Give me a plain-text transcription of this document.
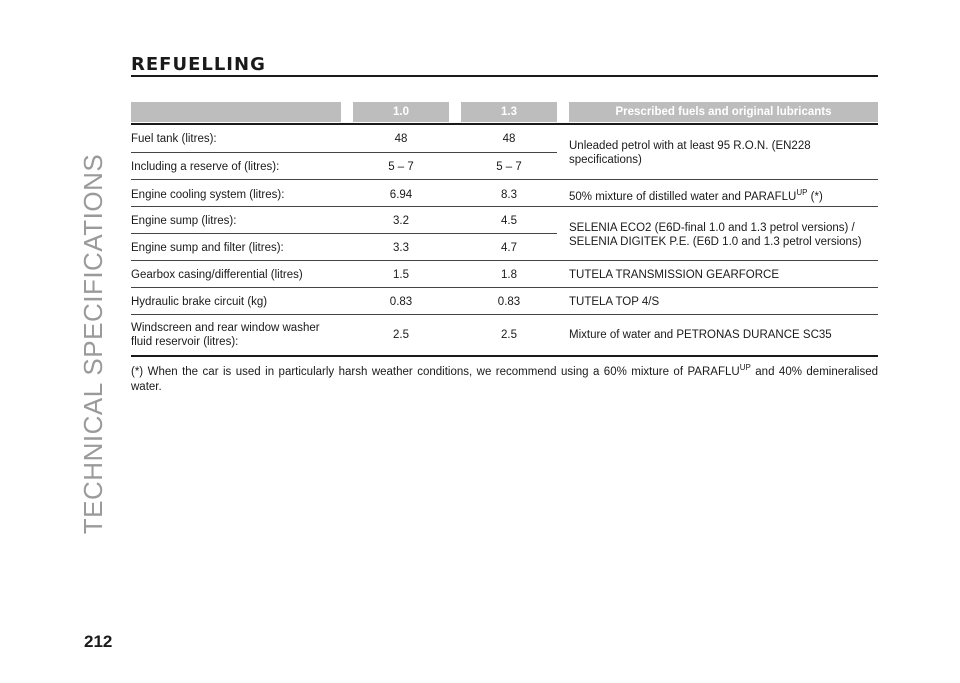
TECHNICAL SPECIFICATIONS
212
REFUELLING
1.0	1.3	Prescribed fuels and original lubricants
Fuel tank (litres):
Including a reserve of (litres):
Engine cooling system (litres):
Engine sump (litres):
Engine sump and filter (litres):
Gearbox casing/differential (litres)
Hydraulic brake circuit (kg)
Windscreen and rear window washer fluid reservoir (litres):
48
5 – 7
6.94
3.2
3.3
1.5
0.83
2.5
48
5 – 7
8.3
4.5
4.7
1.8
0.83
2.5
Unleaded petrol with at least 95 R.O.N. (EN228 specifications)
50% mixture of distilled water and $PARAFLU^{UP}$ (*)
SELENIA ECO2 (E6D-final 1.0 and 1.3 petrol versions) / SELENIA DIGITEK P.E. (E6D 1.0 and 1.3 petrol versions)
TUTELA TRANSMISSION GEARFORCE
TUTELA TOP 4/S
Mixture of water and PETRONAS DURANCE SC35
(*) When the car is used in particularly harsh weather conditions, we recommend using a 60% mixture of $PARAFLU^{UP}$ and 40% demineralised water.
